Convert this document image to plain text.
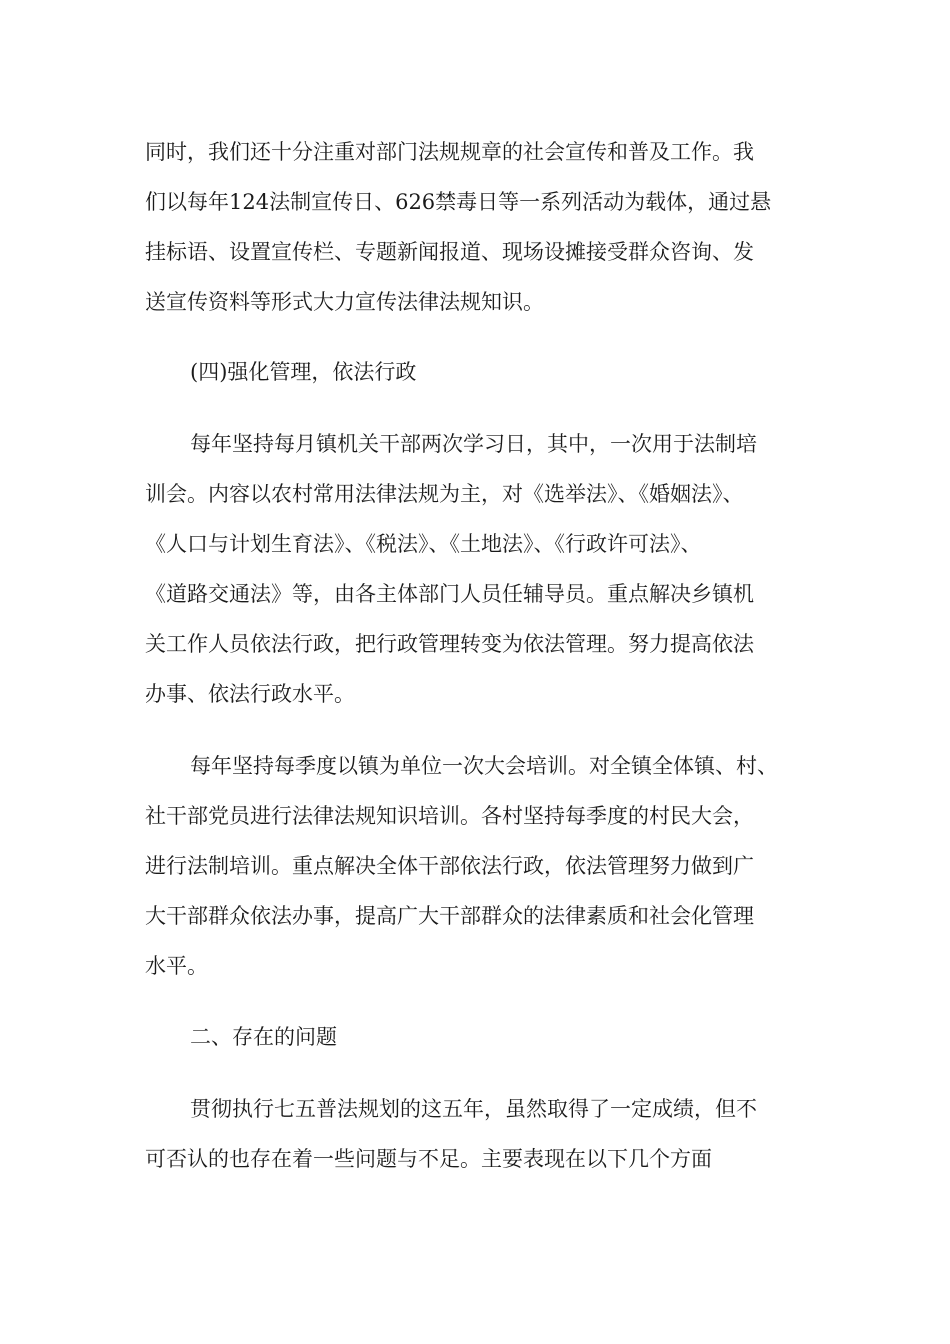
同时，我们还十分注重对部门法规规章的社会宣传和普及工作。我

们以每年124法制宣传日、626禁毒日等一系列活动为载体，通过悬

挂标语、设置宣传栏、专题新闻报道、现场设摊接受群众咨询、发

送宣传资料等形式大力宣传法律法规知识。

(四)强化管理，依法行政

每年坚持每月镇机关干部两次学习日，其中，一次用于法制培

训会。内容以农村常用法律法规为主，对《选举法》、《婚姻法》、

《人口与计划生育法》、《税法》、《土地法》、《行政许可法》、

《道路交通法》等，由各主体部门人员任辅导员。重点解决乡镇机

关工作人员依法行政，把行政管理转变为依法管理。努力提高依法

办事、依法行政水平。

每年坚持每季度以镇为单位一次大会培训。对全镇全体镇、村、

社干部党员进行法律法规知识培训。各村坚持每季度的村民大会，

进行法制培训。重点解决全体干部依法行政，依法管理努力做到广

大干部群众依法办事，提高广大干部群众的法律素质和社会化管理

水平。

二、存在的问题

贯彻执行七五普法规划的这五年，虽然取得了一定成绩，但不

可否认的也存在着一些问题与不足。主要表现在以下几个方面
